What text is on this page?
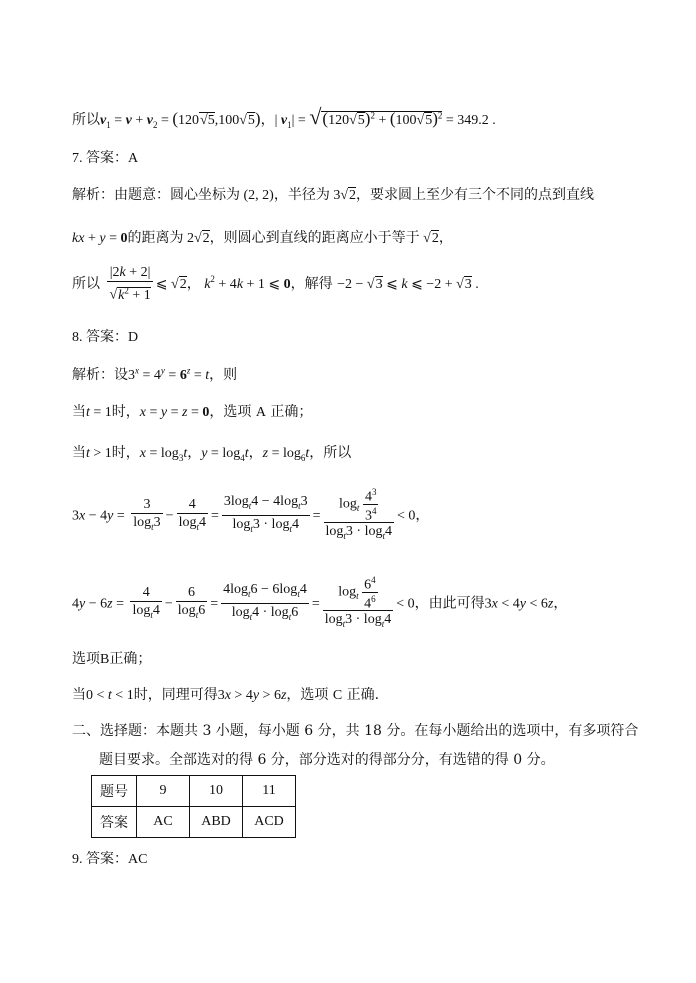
所以$v_1 = v + v_2 = (120√5,100√5)$，| $v_1| = √(120√5)^2 + (100√5)^2 = 349.2$ .
7. 答案：A
解析：由题意：圆心坐标为 (2, 2)，半径为 3√2，要求圆上至少有三个不同的点到直线
kx + y = 0的距离为 2√2，则圆心到直线的距离应小于等于 √2，
所以 $\frac{|2k + 2|}{√k^2 + 1}$ ⩽ √2， $k^2 + 4k + 1$ ⩽ 0，解得 −2 − √3 ⩽ k ⩽ −2 + √3 .
8. 答案：D
解析：设$3^x = 4^y = 6^z = t$，则
当t = 1时，x = y = z = 0，选项 A 正确；
当t > 1时，$x = \log_3t$，$y = \log_4t$，$z = \log_6t$，所以
$3x - 4y = \frac{3}{\log_t3} - \frac{4}{\log_t4} = \frac{3\log_t4 - 4\log_t3}{\log_t3 \cdot \log_t4} = \frac{\log_t \frac{4^3}{3^4}}{\log_t3 \cdot \log_t4} < 0$，
$4y - 6z = \frac{4}{\log_t4} - \frac{6}{\log_t6} = \frac{4\log_t6 - 6\log_t4}{\log_t4 \cdot \log_t6} = \frac{\log_t \frac{6^4}{4^6}}{\log_t3 \cdot \log_t4} < 0$，由此可得3x < 4y < 6z，
选项B正确；
当0 < t < 1时，同理可得3x > 4y > 6z，选项 C 正确.
二、选择题：本题共 3 小题，每小题 6 分，共 18 分。在每小题给出的选项中，有多项符合
题目要求。全部选对的得 6 分，部分选对的得部分分，有选错的得 0 分。
题号	9	10	11
答案	AC	ABD	ACD
9. 答案：AC
